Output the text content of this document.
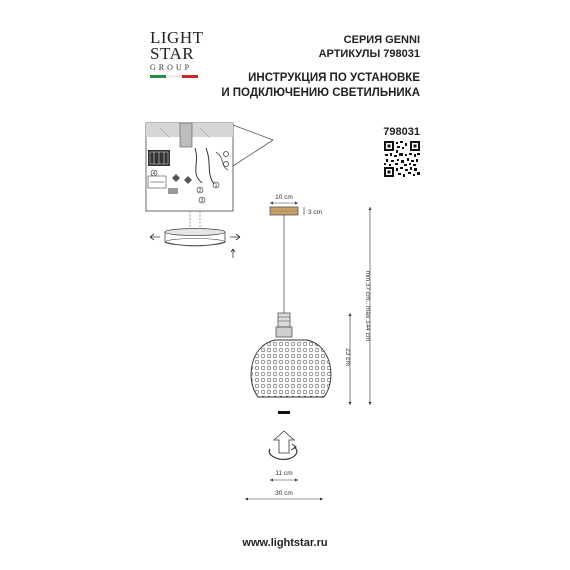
LIGHT
STAR
GROUP
СЕРИЯ GENNI
АРТИКУЛЫ 798031
ИНСТРУКЦИЯ ПО УСТАНОВКЕ
И ПОДКЛЮЧЕНИЮ СВЕТИЛЬНИКА
798031
4
2
1
3	10 cm
3 cm
11 cm
30 cm
min 37 cm...max 144 cm
23 cm
www.lightstar.ru
